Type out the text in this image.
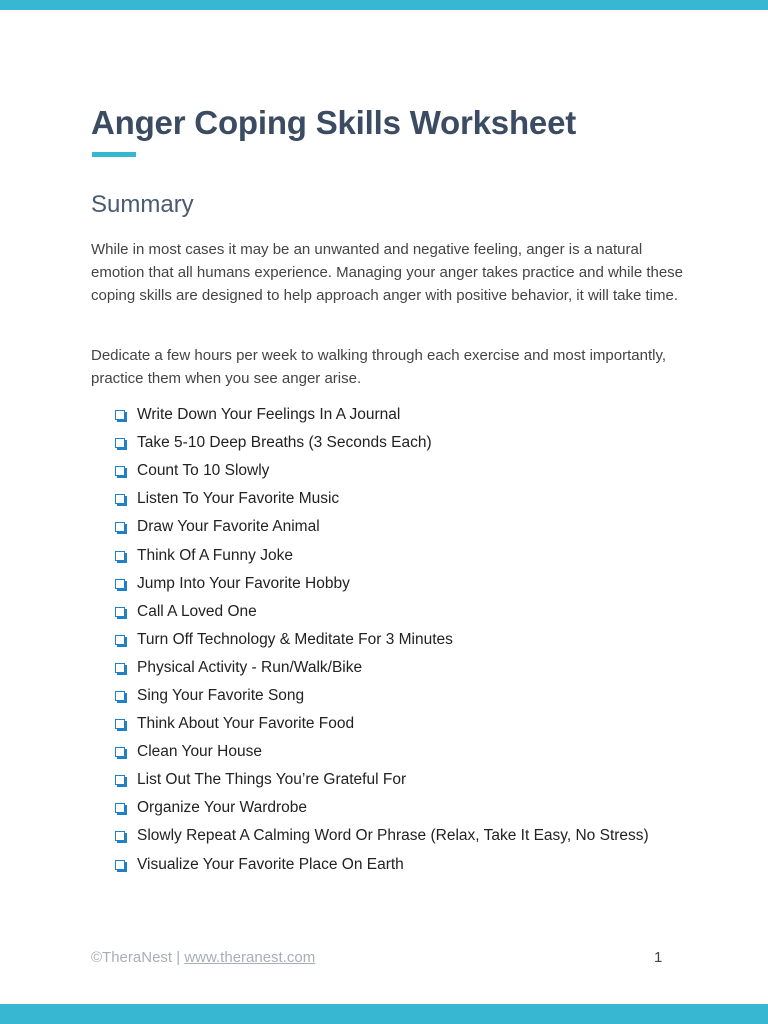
Anger Coping Skills Worksheet
Summary

While in most cases it may be an unwanted and negative feeling, anger is a natural emotion that all humans experience. Managing your anger takes practice and while these coping skills are designed to help approach anger with positive behavior, it will take time.

Dedicate a few hours per week to walking through each exercise and most importantly, practice them when you see anger arise.

Write Down Your Feelings In A Journal
Take 5-10 Deep Breaths (3 Seconds Each)
Count To 10 Slowly
Listen To Your Favorite Music
Draw Your Favorite Animal
Think Of A Funny Joke
Jump Into Your Favorite Hobby
Call A Loved One
Turn Off Technology & Meditate For 3 Minutes
Physical Activity - Run/Walk/Bike
Sing Your Favorite Song
Think About Your Favorite Food
Clean Your House
List Out The Things You’re Grateful For
Organize Your Wardrobe
Slowly Repeat A Calming Word Or Phrase (Relax, Take It Easy, No Stress)
Visualize Your Favorite Place On Earth
©TheraNest | www.theranest.com	1
